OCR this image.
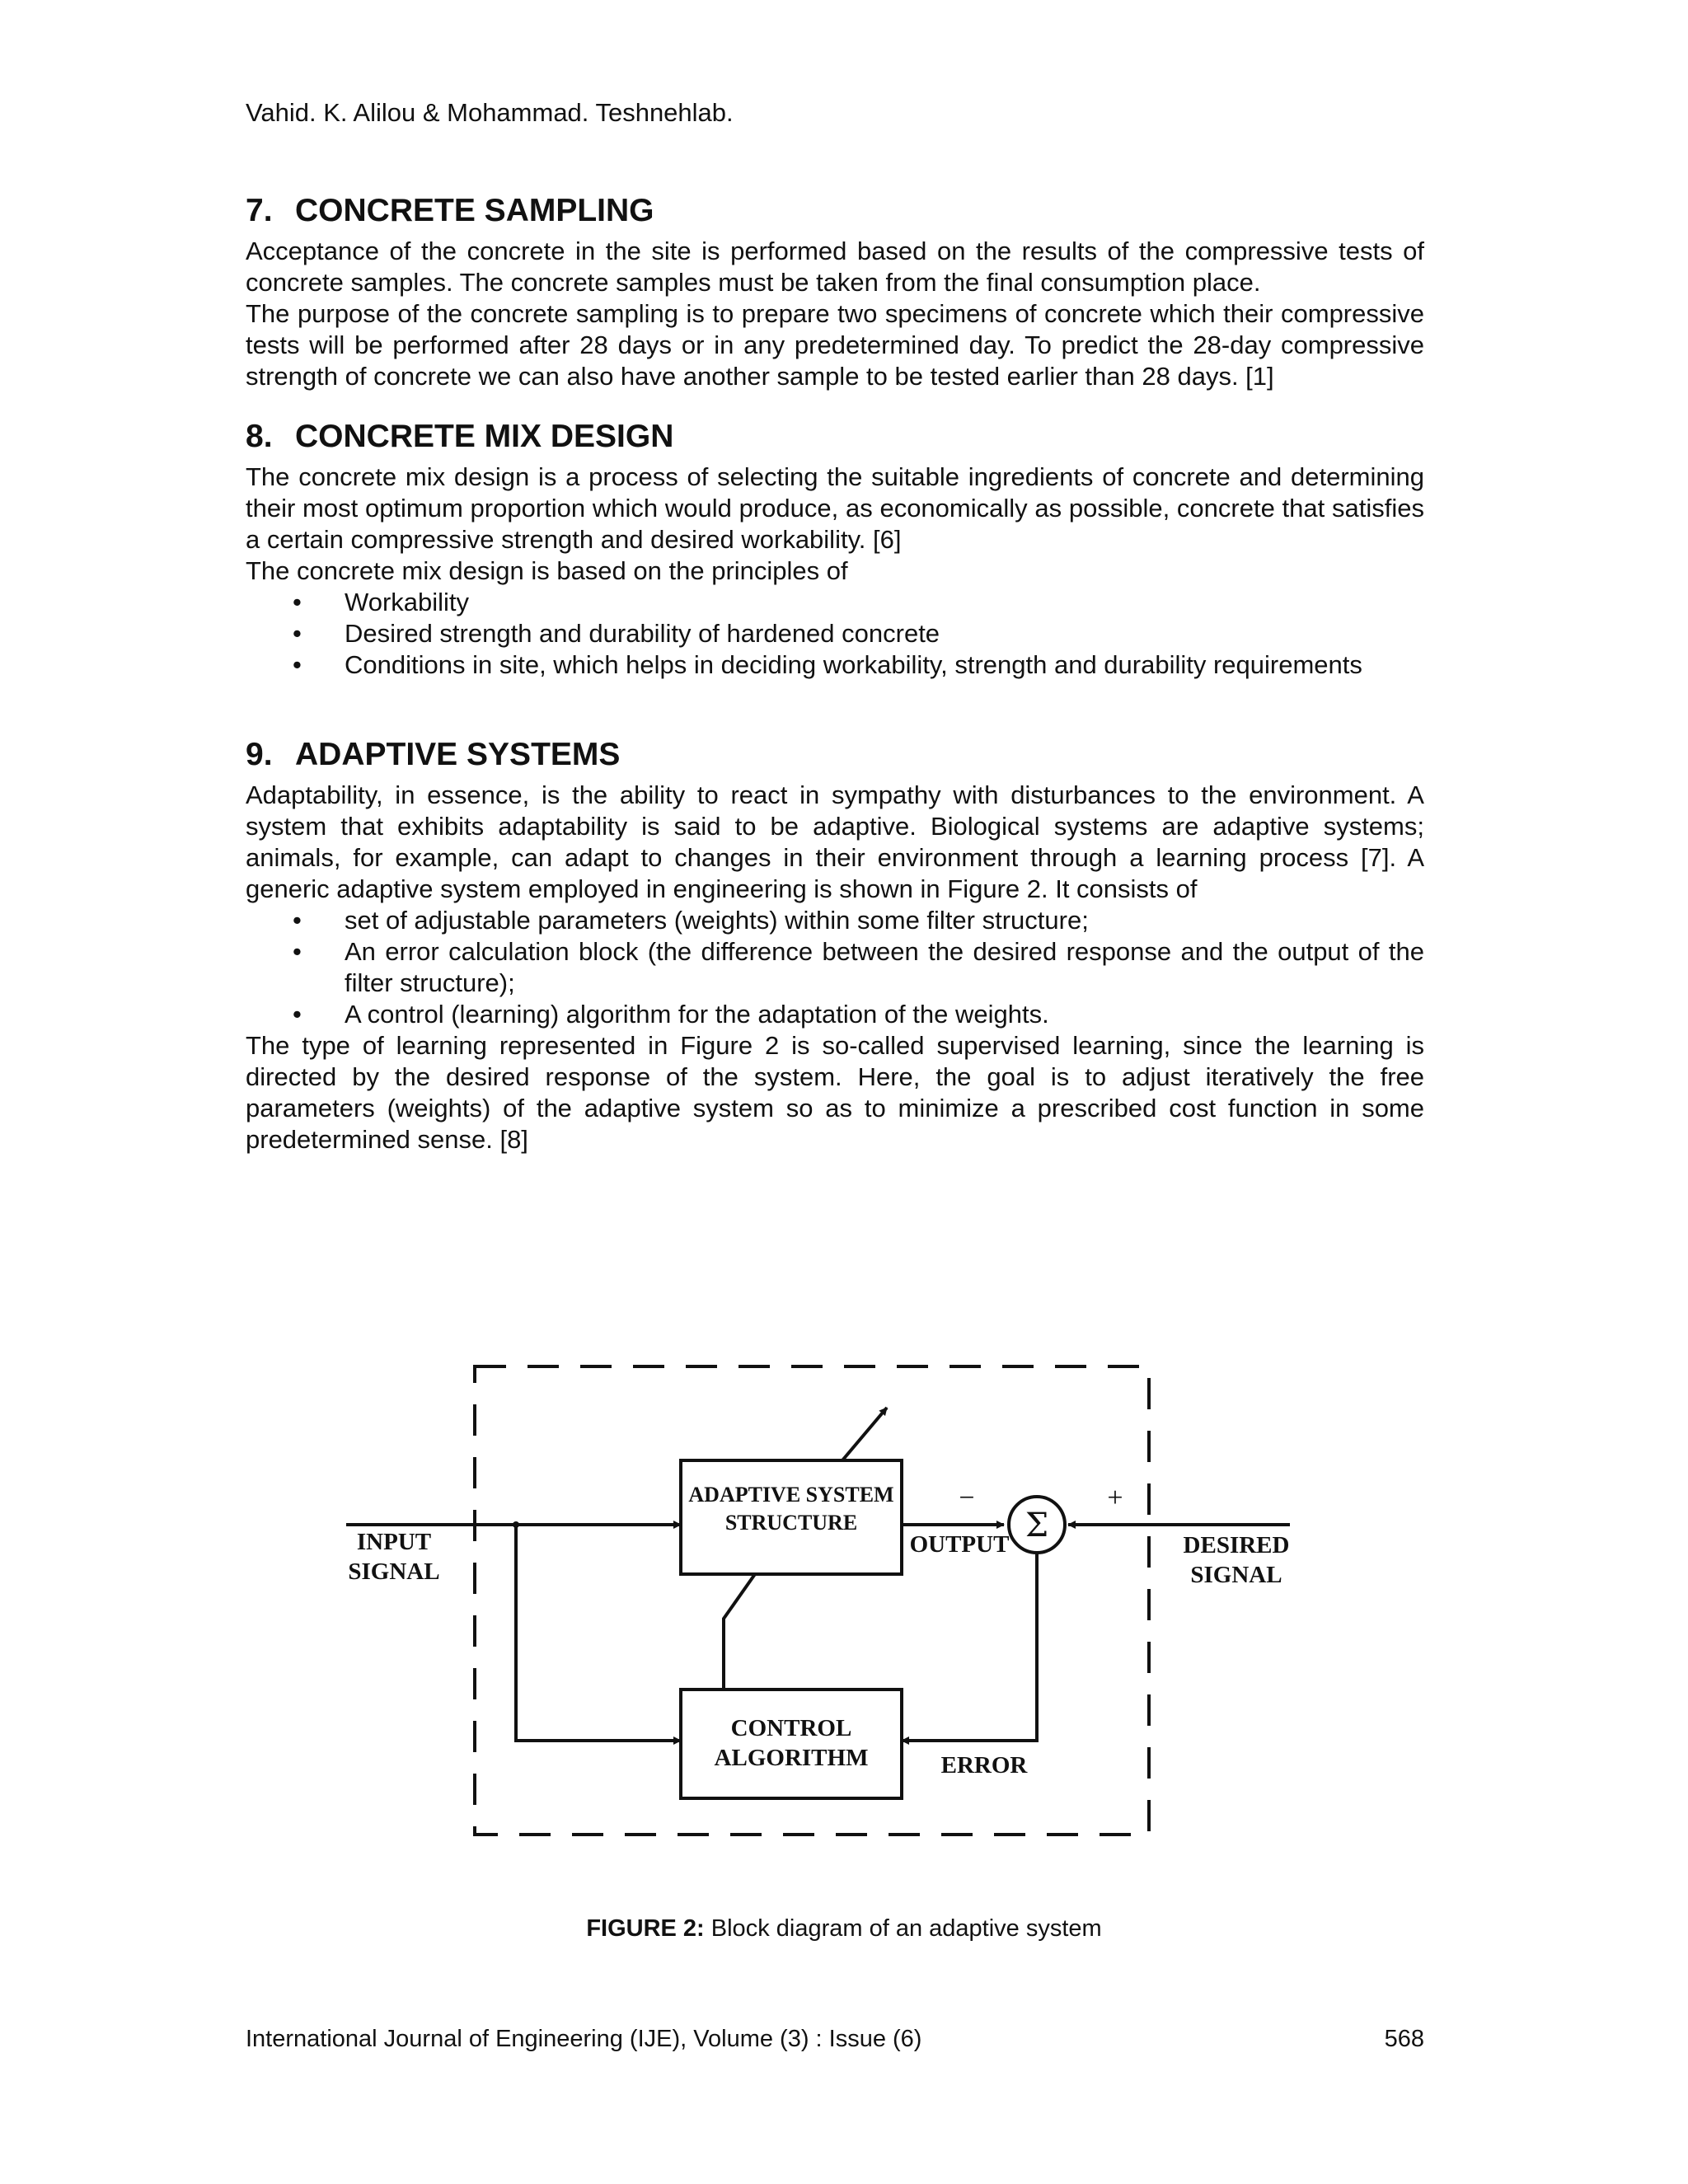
Vahid. K. Alilou & Mohammad. Teshnehlab.
7. CONCRETE SAMPLING

Acceptance of the concrete in the site is performed based on the results of the compressive tests of concrete samples. The concrete samples must be taken from the final consumption place.

The purpose of the concrete sampling is to prepare two specimens of concrete which their compressive tests will be performed after 28 days or in any predetermined day. To predict the 28-day compressive strength of concrete we can also have another sample to be tested earlier than 28 days. [1]

8. CONCRETE MIX DESIGN

The concrete mix design is a process of selecting the suitable ingredients of concrete and determining their most optimum proportion which would produce, as economically as possible, concrete that satisfies a certain compressive strength and desired workability. [6]

The concrete mix design is based on the principles of

• Workability
• Desired strength and durability of hardened concrete
• Conditions in site, which helps in deciding workability, strength and durability requirements
9. ADAPTIVE SYSTEMS

Adaptability, in essence, is the ability to react in sympathy with disturbances to the environment. A system that exhibits adaptability is said to be adaptive. Biological systems are adaptive systems; animals, for example, can adapt to changes in their environment through a learning process [7]. A generic adaptive system employed in engineering is shown in Figure 2. It consists of

• set of adjustable parameters (weights) within some filter structure;
• An error calculation block (the difference between the desired response and the output of the filter structure);
• A control (learning) algorithm for the adaptation of the weights.

The type of learning represented in Figure 2 is so-called supervised learning, since the learning is directed by the desired response of the system. Here, the goal is to adjust iteratively the free parameters (weights) of the adaptive system so as to minimize a prescribed cost function in some predetermined sense. [8]

ADAPTIVE SYSTEM
STRUCTURE
OUTPUT
−
Σ
+
ERROR
CONTROL
ALGORITHM
INPUT
SIGNAL
DESIRED
SIGNAL

FIGURE 2: Block diagram of an adaptive system

International Journal of Engineering (IJE), Volume (3) : Issue (6)	568
